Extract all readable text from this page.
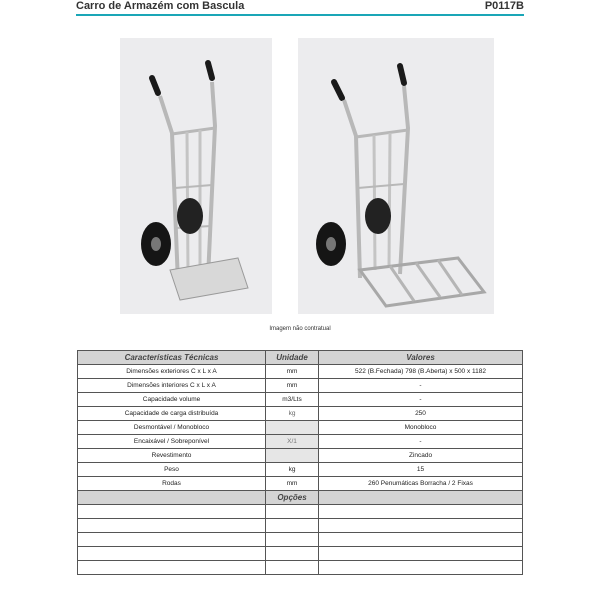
Carro de Armazém com Bascula	P0117B
Imagem não contratual
Características Técnicas	Unidade	Valores
Dimensões exteriores C x L x A	mm	522 (B.Fechada) 798 (B.Aberta) x 500 x 1182
Dimensões interiores C x L x A	mm	-
Capacidade volume	m3/Lts	-
Capacidade de carga distribuída	kg	250
Desmontável / Monobloco		Monobloco
Encaixável / Sobreponível	X/1	-
Revestimento		Zincado
Peso	kg	15
Rodas	mm	260 Penumáticas Borracha / 2 Fixas
	Opções	
